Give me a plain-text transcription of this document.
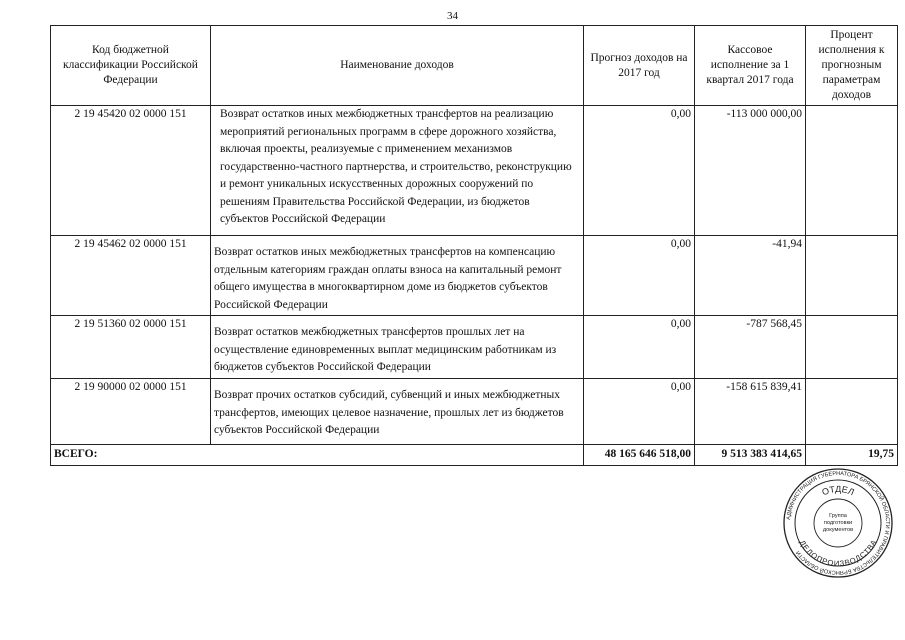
34
Код бюджетной классификации Российской Федерации	Наименование доходов	Прогноз доходов на 2017 год	Кассовое исполнение за 1 квартал 2017 года	Процент исполнения к прогнозным параметрам доходов
2 19 45420 02 0000 151	Возврат остатков иных межбюджетных трансфертов на реализацию мероприятий региональных программ в сфере дорожного хозяйства, включая проекты, реализуемые с применением механизмов государственно-частного партнерства, и строительство, реконструкцию и ремонт уникальных искусственных дорожных сооружений по решениям Правительства Российской Федерации, из бюджетов субъектов Российской Федерации	0,00	-113 000 000,00	
2 19 45462 02 0000 151	Возврат остатков иных межбюджетных трансфертов на компенсацию отдельным категориям граждан оплаты взноса на капитальный ремонт общего имущества в многоквартирном доме из бюджетов субъектов Российской Федерации	0,00	-41,94	
2 19 51360 02 0000 151	Возврат остатков межбюджетных трансфертов прошлых лет на осуществление единовременных выплат медицинским работникам из бюджетов субъектов Российской Федерации	0,00	-787 568,45	
2 19 90000 02 0000 151	Возврат прочих остатков субсидий, субвенций и иных межбюджетных трансфертов, имеющих целевое назначение, прошлых лет из бюджетов субъектов Российской Федерации	0,00	-158 615 839,41	
ВСЕГО:		48 165 646 518,00	9 513 383 414,65	19,75
АДМИНИСТРАЦИЯ ГУБЕРНАТОРА БРЯНСКОЙ ОБЛАСТИ И ПРАВИТЕЛЬСТВА БРЯНСКОЙ ОБЛАСТИ
ОТДЕЛ
ДЕЛОПРОИЗВОДСТВА
Группа
подготовки
документов
